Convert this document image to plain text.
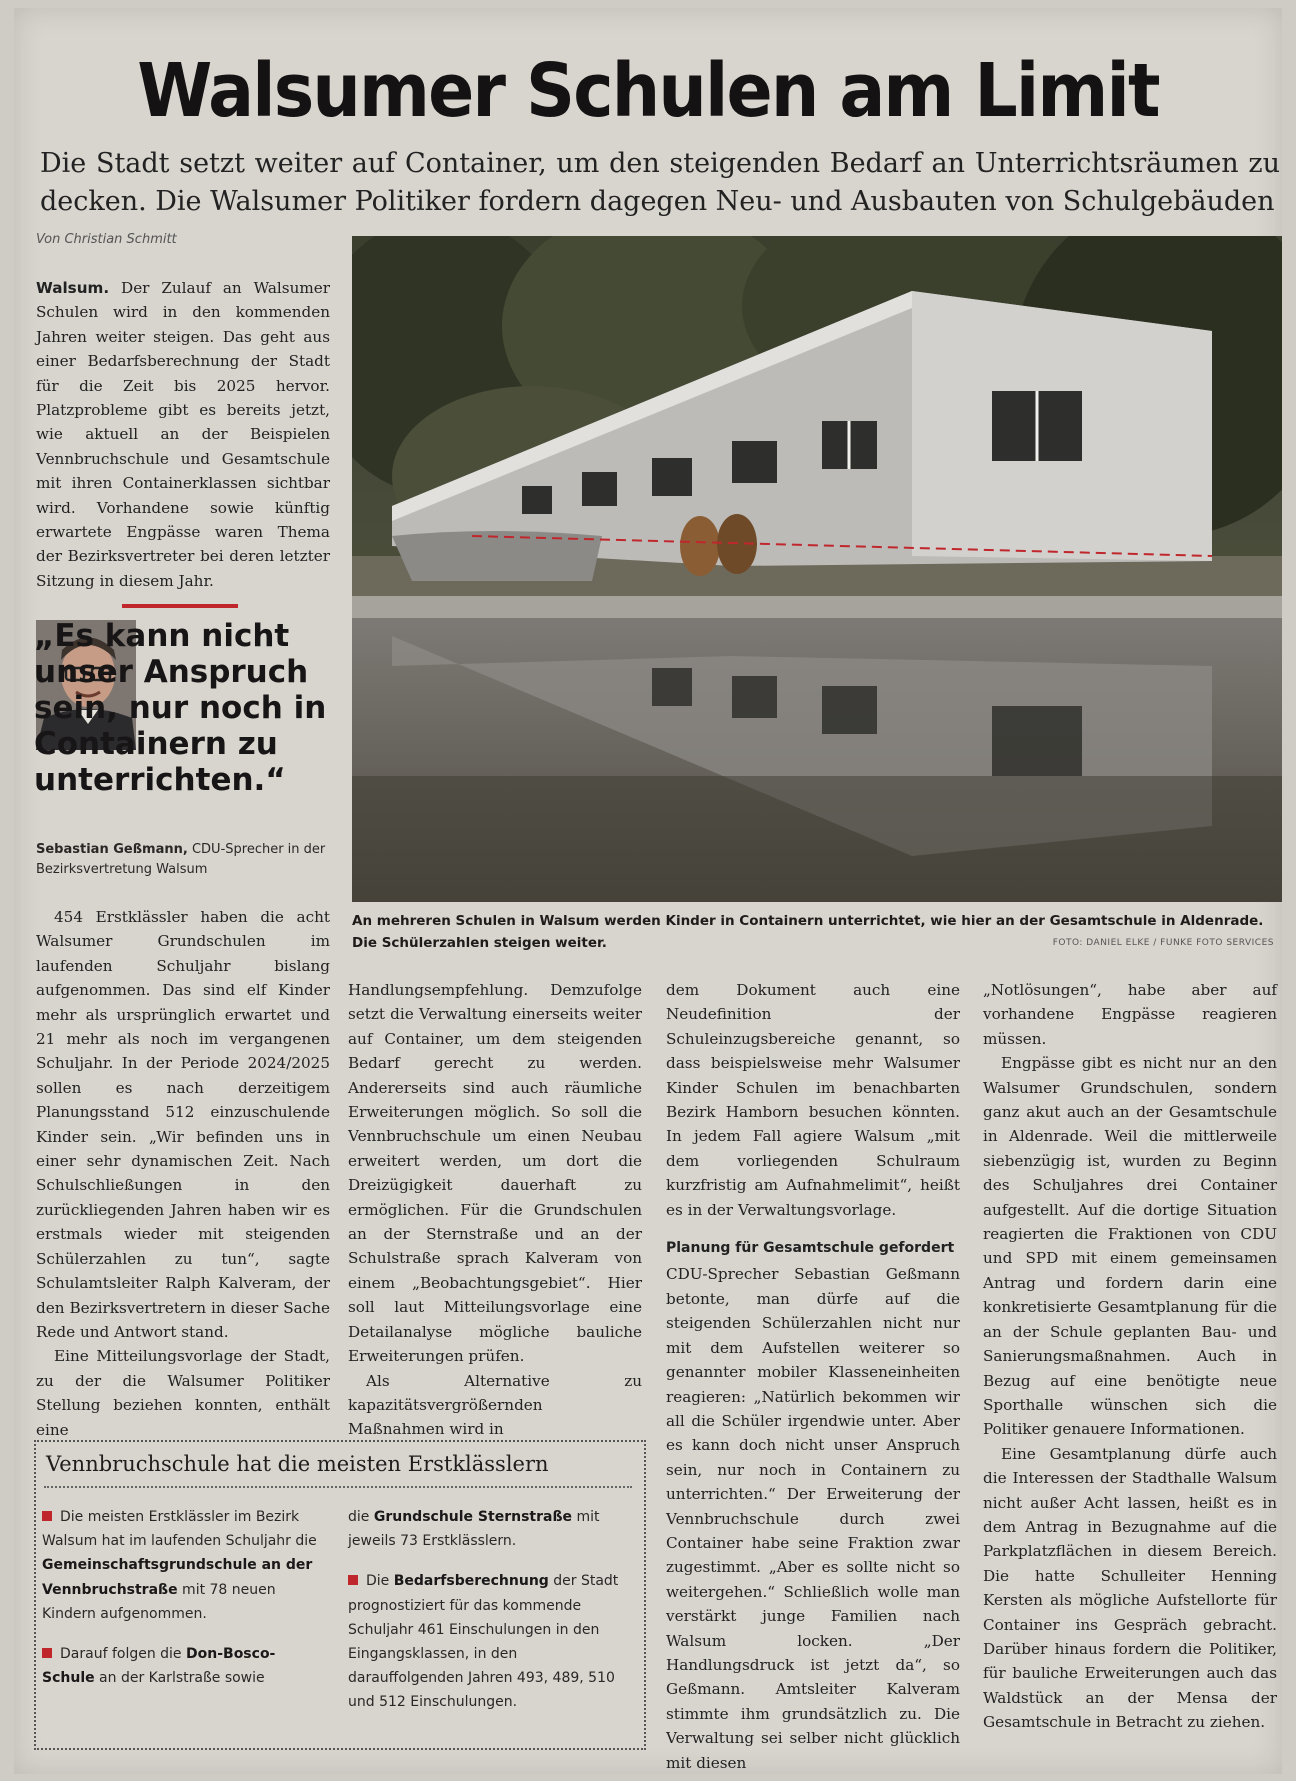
Walsumer Schulen am Limit
Die Stadt setzt weiter auf Container, um den steigenden Bedarf an Unterrichtsräumen zu decken. Die Walsumer Politiker fordern dagegen Neu- und Ausbauten von Schulgebäuden
Von Christian Schmitt

Walsum. Der Zulauf an Walsumer Schulen wird in den kommenden Jahren weiter steigen. Das geht aus einer Bedarfsberechnung der Stadt für die Zeit bis 2025 hervor. Platzprobleme gibt es bereits jetzt, wie aktuell an der Beispielen Vennbruchschule und Gesamtschule mit ihren Containerklassen sichtbar wird. Vorhandene sowie künftig erwartete Engpässe waren Thema der Bezirksvertreter bei deren letzter Sitzung in diesem Jahr.

„Es kann nicht unser Anspruch sein, nur noch in Containern zu unterrichten.“
Sebastian Geßmann, CDU-Sprecher in der Bezirksvertretung Walsum
An mehreren Schulen in Walsum werden Kinder in Containern unterrichtet, wie hier an der Gesamtschule in Aldenrade. Die Schülerzahlen steigen weiter.	FOTO: DANIEL ELKE / FUNKE FOTO SERVICES

454 Erstklässler haben die acht Walsumer Grundschulen im laufenden Schuljahr bislang aufgenommen. Das sind elf Kinder mehr als ursprünglich erwartet und 21 mehr als noch im vergangenen Schuljahr. In der Periode 2024/2025 sollen es nach derzeitigem Planungsstand 512 einzuschulende Kinder sein. „Wir befinden uns in einer sehr dynamischen Zeit. Nach Schulschließungen in den zurückliegenden Jahren haben wir es erstmals wieder mit steigenden Schülerzahlen zu tun“, sagte Schulamtsleiter Ralph Kalveram, der den Bezirksvertretern in dieser Sache Rede und Antwort stand.

Eine Mitteilungsvorlage der Stadt, zu der die Walsumer Politiker Stellung beziehen konnten, enthält eine

Handlungsempfehlung. Demzufolge setzt die Verwaltung einerseits weiter auf Container, um dem steigenden Bedarf gerecht zu werden. Andererseits sind auch räumliche Erweiterungen möglich. So soll die Vennbruchschule um einen Neubau erweitert werden, um dort die Dreizügigkeit dauerhaft zu ermöglichen. Für die Grundschulen an der Sternstraße und an der Schulstraße sprach Kalveram von einem „Beobachtungsgebiet“. Hier soll laut Mitteilungsvorlage eine Detailanalyse mögliche bauliche Erweiterungen prüfen.

Als Alternative zu kapazitätsvergrößernden Maßnahmen wird in

dem Dokument auch eine Neudefinition der Schuleinzugsbereiche genannt, so dass beispielsweise mehr Walsumer Kinder Schulen im benachbarten Bezirk Hamborn besuchen könnten. In jedem Fall agiere Walsum „mit dem vorliegenden Schulraum kurzfristig am Aufnahmelimit“, heißt es in der Verwaltungsvorlage.

Planung für Gesamtschule gefordert

CDU-Sprecher Sebastian Geßmann betonte, man dürfe auf die steigenden Schülerzahlen nicht nur mit dem Aufstellen weiterer so genannter mobiler Klasseneinheiten reagieren: „Natürlich bekommen wir all die Schüler irgendwie unter. Aber es kann doch nicht unser Anspruch sein, nur noch in Containern zu unterrichten.“ Der Erweiterung der Vennbruchschule durch zwei Container habe seine Fraktion zwar zugestimmt. „Aber es sollte nicht so weitergehen.“ Schließlich wolle man verstärkt junge Familien nach Walsum locken. „Der Handlungsdruck ist jetzt da“, so Geßmann. Amtsleiter Kalveram stimmte ihm grundsätzlich zu. Die Verwaltung sei selber nicht glücklich mit diesen

„Notlösungen“, habe aber auf vorhandene Engpässe reagieren müssen.

Engpässe gibt es nicht nur an den Walsumer Grundschulen, sondern ganz akut auch an der Gesamtschule in Aldenrade. Weil die mittlerweile siebenzügig ist, wurden zu Beginn des Schuljahres drei Container aufgestellt. Auf die dortige Situation reagierten die Fraktionen von CDU und SPD mit einem gemeinsamen Antrag und fordern darin eine konkretisierte Gesamtplanung für die an der Schule geplanten Bau- und Sanierungsmaßnahmen. Auch in Bezug auf eine benötigte neue Sporthalle wünschen sich die Politiker genauere Informationen.

Eine Gesamtplanung dürfe auch die Interessen der Stadthalle Walsum nicht außer Acht lassen, heißt es in dem Antrag in Bezugnahme auf die Parkplatzflächen in diesem Bereich. Die hatte Schulleiter Henning Kersten als mögliche Aufstellorte für Container ins Gespräch gebracht. Darüber hinaus fordern die Politiker, für bauliche Erweiterungen auch das Waldstück an der Mensa der Gesamtschule in Betracht zu ziehen.

Vennbruchschule hat die meisten Erstklässlern

Die meisten Erstklässler im Bezirk Walsum hat im laufenden Schuljahr die Gemeinschaftsgrundschule an der Vennbruchstraße mit 78 neuen Kindern aufgenommen.

Darauf folgen die Don-Bosco-Schule an der Karlstraße sowie

die Grundschule Sternstraße mit jeweils 73 Erstklässlern.

Die Bedarfsberechnung der Stadt prognostiziert für das kommende Schuljahr 461 Einschulungen in den Eingangsklassen, in den darauffolgenden Jahren 493, 489, 510 und 512 Einschulungen.
